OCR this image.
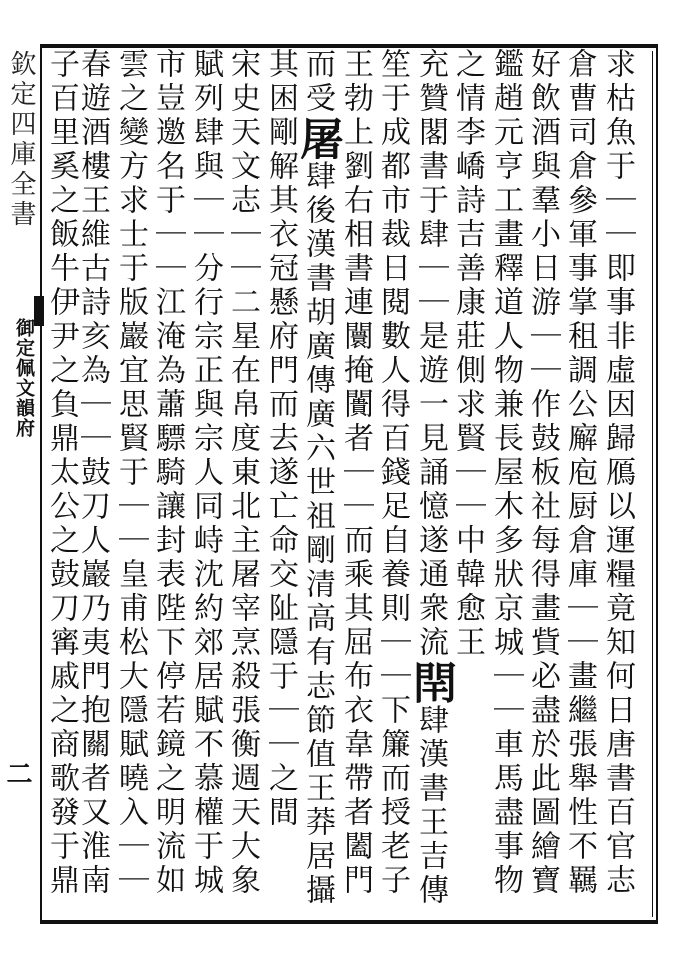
欽定四庫全書
御定佩文韻府
二	求枯魚于｜｜即事非虛因歸鴈以運糧竟知何日唐書百官志
倉曹司倉參軍事掌租調公廨庖厨倉庫｜｜畫繼張舉性不羈
好飲酒與羣小日游｜｜作鼓板社每得畫貲必盡於此圖繪寶
鑑趙元亨工畫釋道人物兼長屋木多狀京城｜｜車馬盡事物
之情李嶠詩吉善康莊側求賢｜｜中韓愈王
充贊閣書于肆｜｜是遊一見誦憶遂通衆流閈肆漢書王吉傳
笙于成都市裁日閱數人得百錢足自養則｜｜下簾而授老子
王勃上劉右相書連闤掩闠者｜｜而乘其屈布衣韋帶者闔門
而受屠肆後漢書胡廣傳廣六世祖剛清高有志節值王莽居攝
其困剛解其衣冠懸府門而去遂亡命交阯隱于｜｜之間
宋史天文志｜｜二星在帛度東北主屠宰烹殺張衡週天大象
賦列肆與｜｜分行宗正與宗人同峙沈約郊居賦不慕權于城
市豈邀名于｜｜江淹為蕭驃騎讓封表陛下停若鏡之明流如
雲之變方求士于版巖宜思賢于｜｜皇甫松大隱賦曉入｜｜
春遊酒樓王維古詩亥為｜｜鼓刀人巖乃夷門抱關者又淮南
子百里奚之飯牛伊尹之負鼎太公之鼓刀寗戚之商歌發于鼎
